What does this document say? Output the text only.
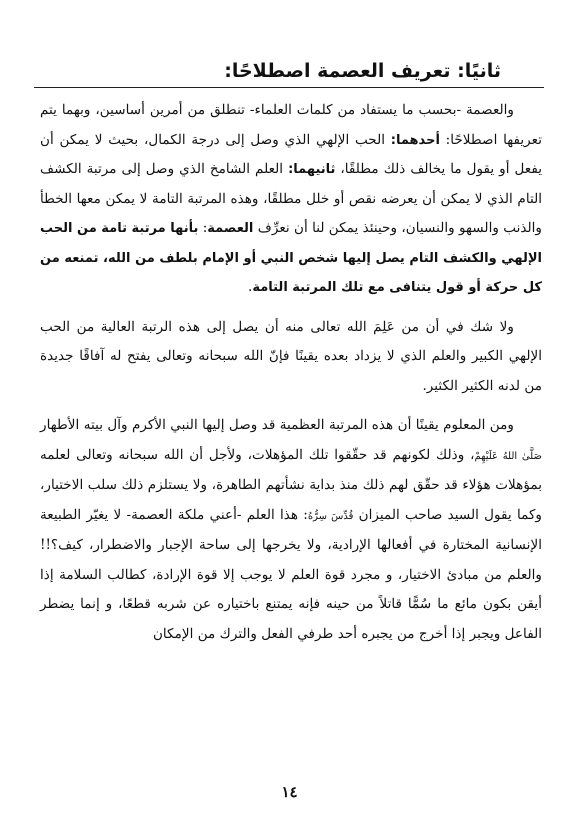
ثانيًا: تعريف العصمة اصطلاحًا:

والعصمة -بحسب ما يستفاد من كلمات العلماء- تنطلق من أمرين أساسين، وبهما يتم تعريفها اصطلاحًا: أحدهما: الحب الإلهي الذي وصل إلى درجة الكمال، بحيث لا يمكن أن يفعل أو يقول ما يخالف ذلك مطلقًا، ثانيهما: العلم الشامخ الذي وصل إلى مرتبة الكشف التام الذي لا يمكن أن يعرضه نقص أو خلل مطلقًا، وهذه المرتبة التامة لا يمكن معها الخطأ والذنب والسهو والنسيان، وحينئذ يمكن لنا أن نعرِّف العصمة: بأنها مرتبة تامة من الحب الإلهي والكشف التام يصل إليها شخص النبي أو الإمام بلطف من الله، تمنعه من كل حركة أو قول يتنافى مع تلك المرتبة التامة.

ولا شك في أن من عَلِمَ الله تعالى منه أن يصل إلى هذه الرتبة العالية من الحب الإلهي الكبير والعلم الذي لا يزداد بعده يقينًا فإنّ الله سبحانه وتعالى يفتح له آفاقًا جديدة من لدنه الكثير الكثير.

ومن المعلوم يقينًا أن هذه المرتبة العظمية قد وصل إليها النبي الأكرم وآل بيته الأطهار صَلَّىٰ اللهُ عَلَيْهِمْ، وذلك لكونهم قد حقّقوا تلك المؤهلات، ولأجل أن الله سبحانه وتعالى لعلمه بمؤهلات هؤلاء قد حقّق لهم ذلك منذ بداية نشأتهم الطاهرة، ولا يستلزم ذلك سلب الاختيار، وكما يقول السيد صاحب الميزان قُدِّسَ سِرُّهُ: هذا العلم -أعني ملكة العصمة- لا يغيّر الطبيعة الإنسانية المختارة في أفعالها الإرادية، ولا يخرجها إلى ساحة الإجبار والاضطرار، كيف؟!! والعلم من مبادئ الاختيار، و مجرد قوة العلم لا يوجب إلا قوة الإرادة، كطالب السلامة إذا أيقن بكون مائع ما سُمًّا قاتلاً من حينه فإنه يمتنع باختياره عن شربه قطعًا، و إنما يضطر الفاعل ويجبر إذا أخرج من يجبره أحد طرفي الفعل والترك من الإمكان

١٤
